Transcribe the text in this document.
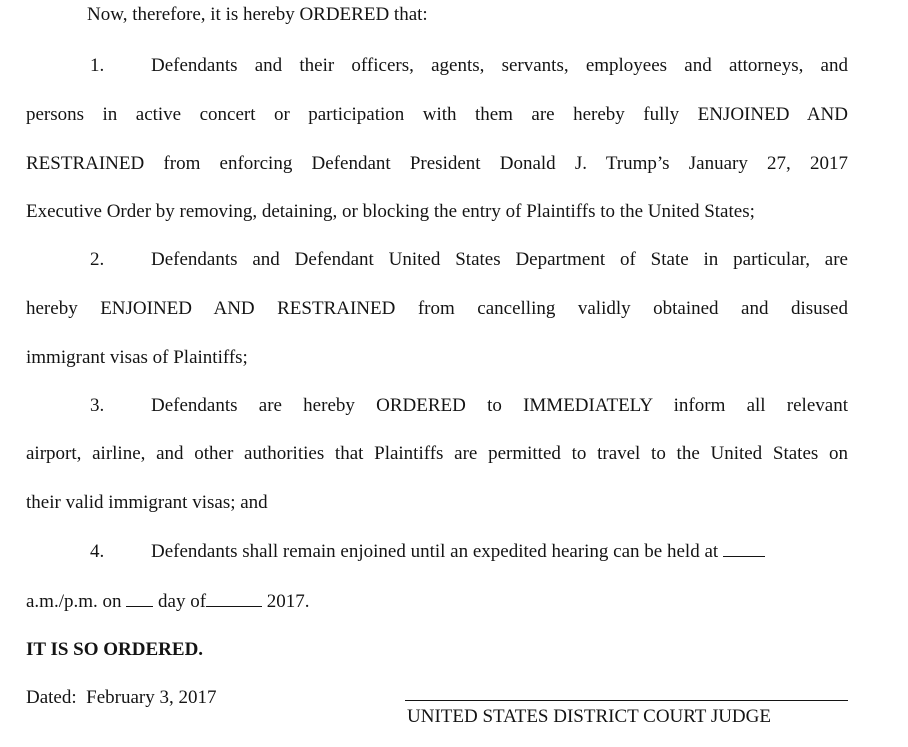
Now, therefore, it is hereby ORDERED that:
1. Defendants and their officers, agents, servants, employees and attorneys, and
persons in active concert or participation with them are hereby fully ENJOINED AND
RESTRAINED from enforcing Defendant President Donald J. Trump’s January 27, 2017
Executive Order by removing, detaining, or blocking the entry of Plaintiffs to the United States;
2. Defendants and Defendant United States Department of State in particular, are
hereby ENJOINED AND RESTRAINED from cancelling validly obtained and disused
immigrant visas of Plaintiffs;
3. Defendants are hereby ORDERED to IMMEDIATELY inform all relevant
airport, airline, and other authorities that Plaintiffs are permitted to travel to the United States on
their valid immigrant visas; and
4. Defendants shall remain enjoined until an expedited hearing can be held at
a.m./p.m. on day of	2017.
IT IS SO ORDERED.
Dated:  February 3, 2017
UNITED STATES DISTRICT COURT JUDGE
